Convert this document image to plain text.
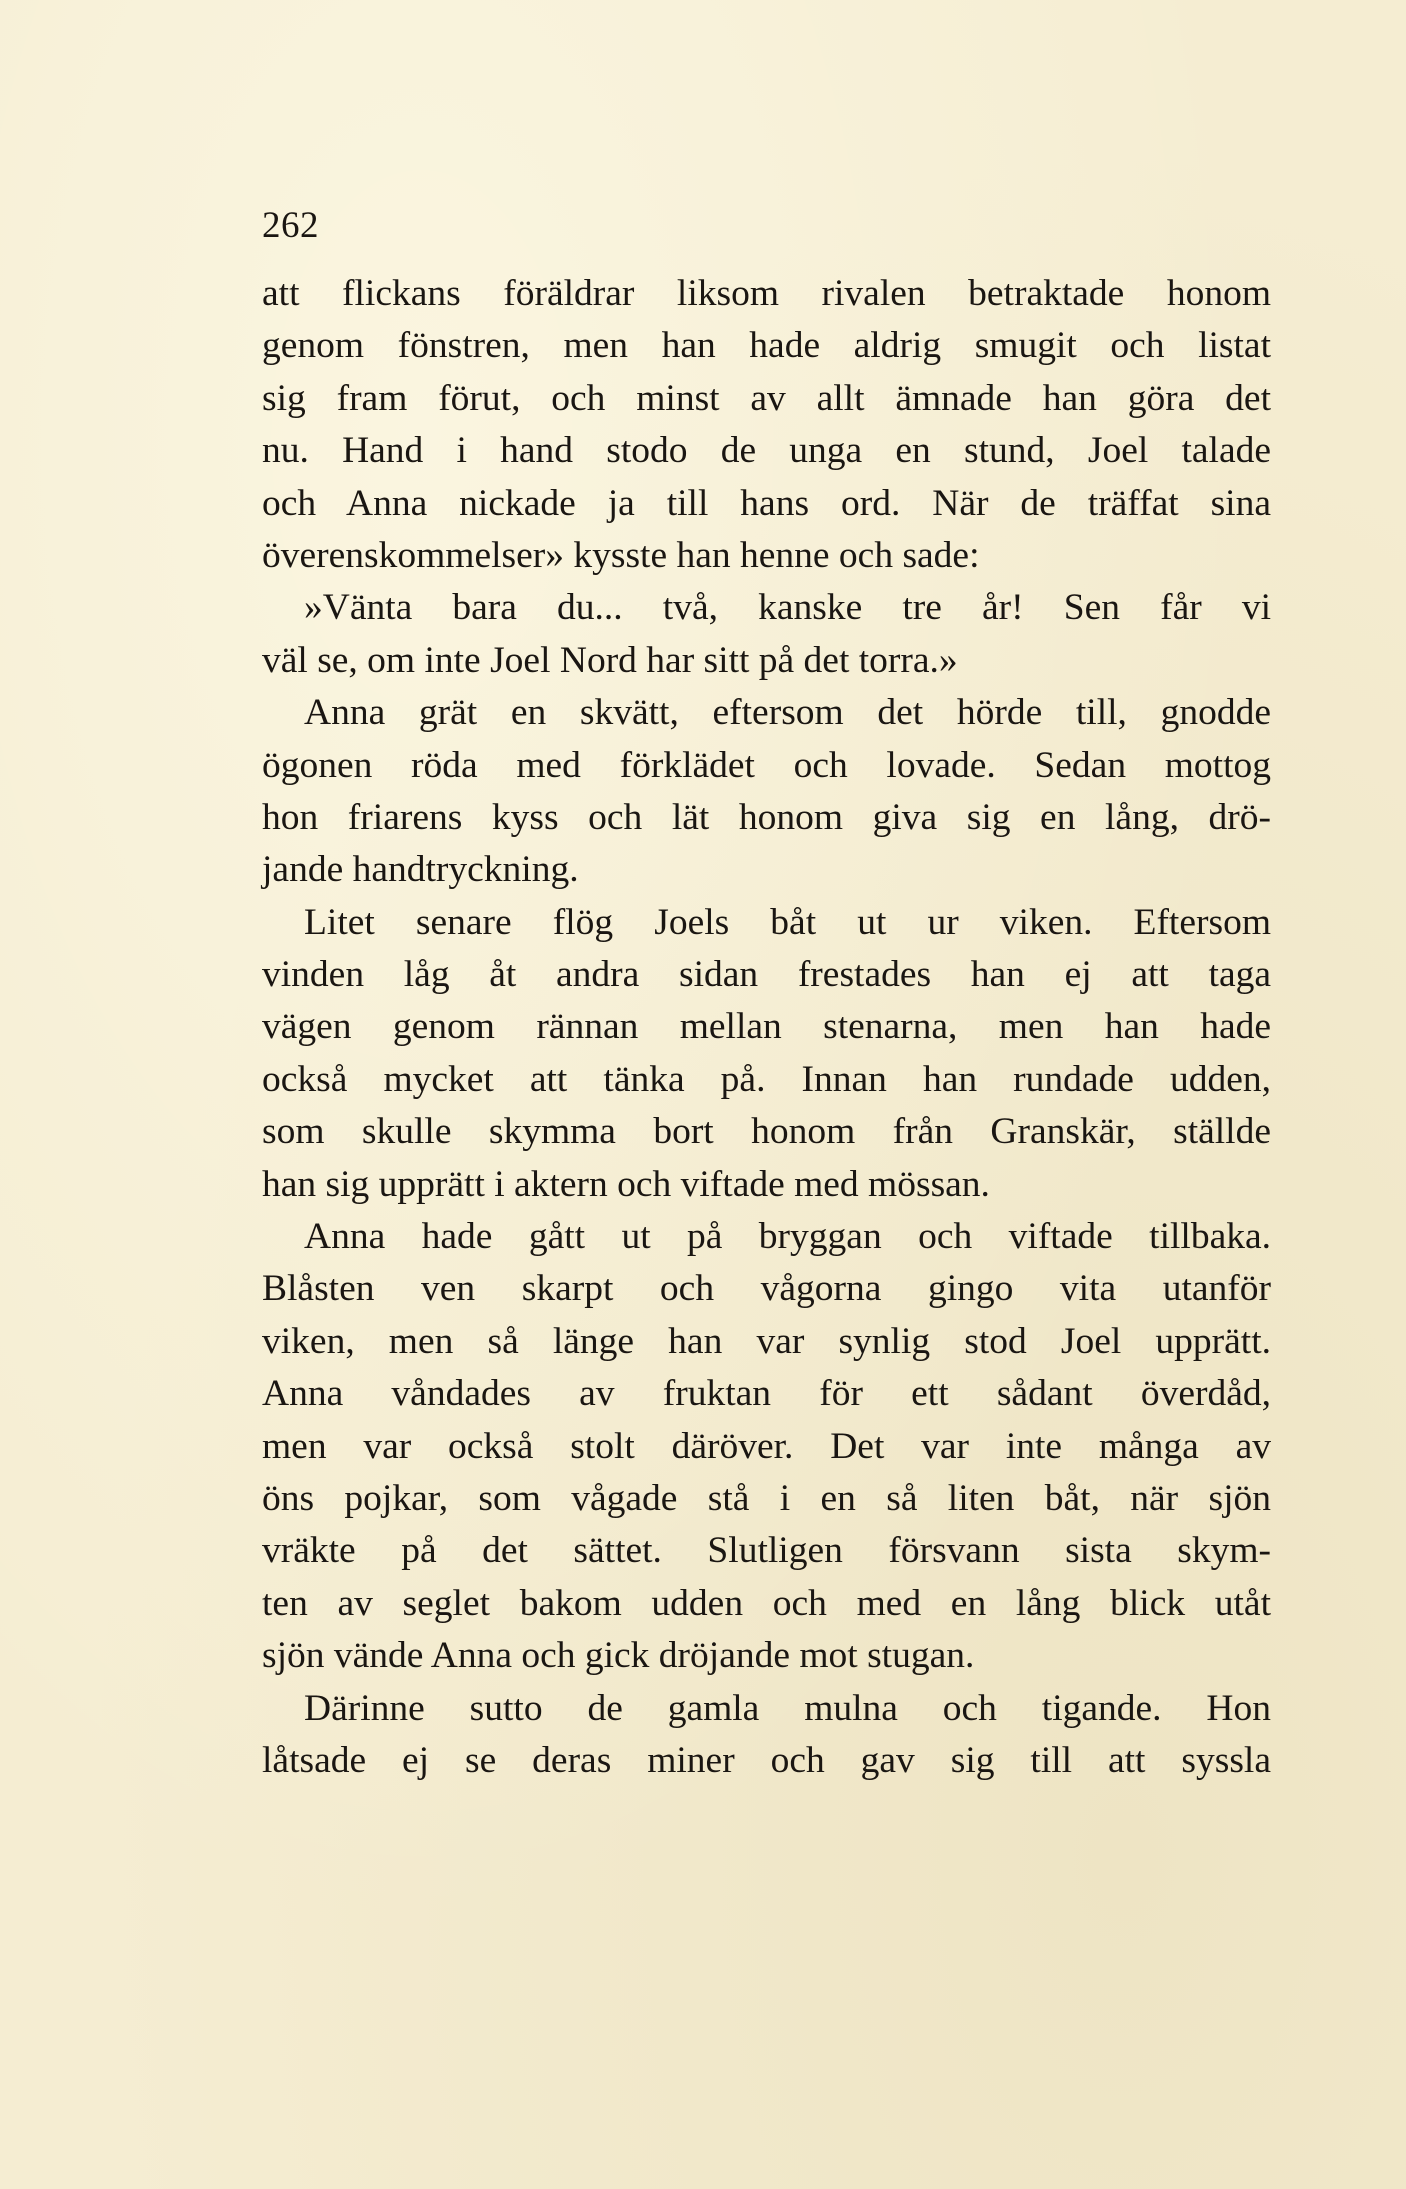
262
att flickans föräldrar liksom rivalen betraktade honom
genom fönstren, men han hade aldrig smugit och listat
sig fram förut, och minst av allt ämnade han göra det
nu. Hand i hand stodo de unga en stund, Joel talade
och Anna nickade ja till hans ord. När de träffat sina
överenskommelser» kysste han henne och sade:
»Vänta bara du... två, kanske tre år! Sen får vi
väl se, om inte Joel Nord har sitt på det torra.»
Anna grät en skvätt, eftersom det hörde till, gnodde
ögonen röda med förklädet och lovade. Sedan mottog
hon friarens kyss och lät honom giva sig en lång, drö-
jande handtryckning.
Litet senare flög Joels båt ut ur viken. Eftersom
vinden låg åt andra sidan frestades han ej att taga
vägen genom rännan mellan stenarna, men han hade
också mycket att tänka på. Innan han rundade udden,
som skulle skymma bort honom från Granskär, ställde
han sig upprätt i aktern och viftade med mössan.
Anna hade gått ut på bryggan och viftade tillbaka.
Blåsten ven skarpt och vågorna gingo vita utanför
viken, men så länge han var synlig stod Joel upprätt.
Anna våndades av fruktan för ett sådant överdåd,
men var också stolt däröver. Det var inte många av
öns pojkar, som vågade stå i en så liten båt, när sjön
vräkte på det sättet. Slutligen försvann sista skym-
ten av seglet bakom udden och med en lång blick utåt
sjön vände Anna och gick dröjande mot stugan.
Därinne sutto de gamla mulna och tigande. Hon
låtsade ej se deras miner och gav sig till att syssla
